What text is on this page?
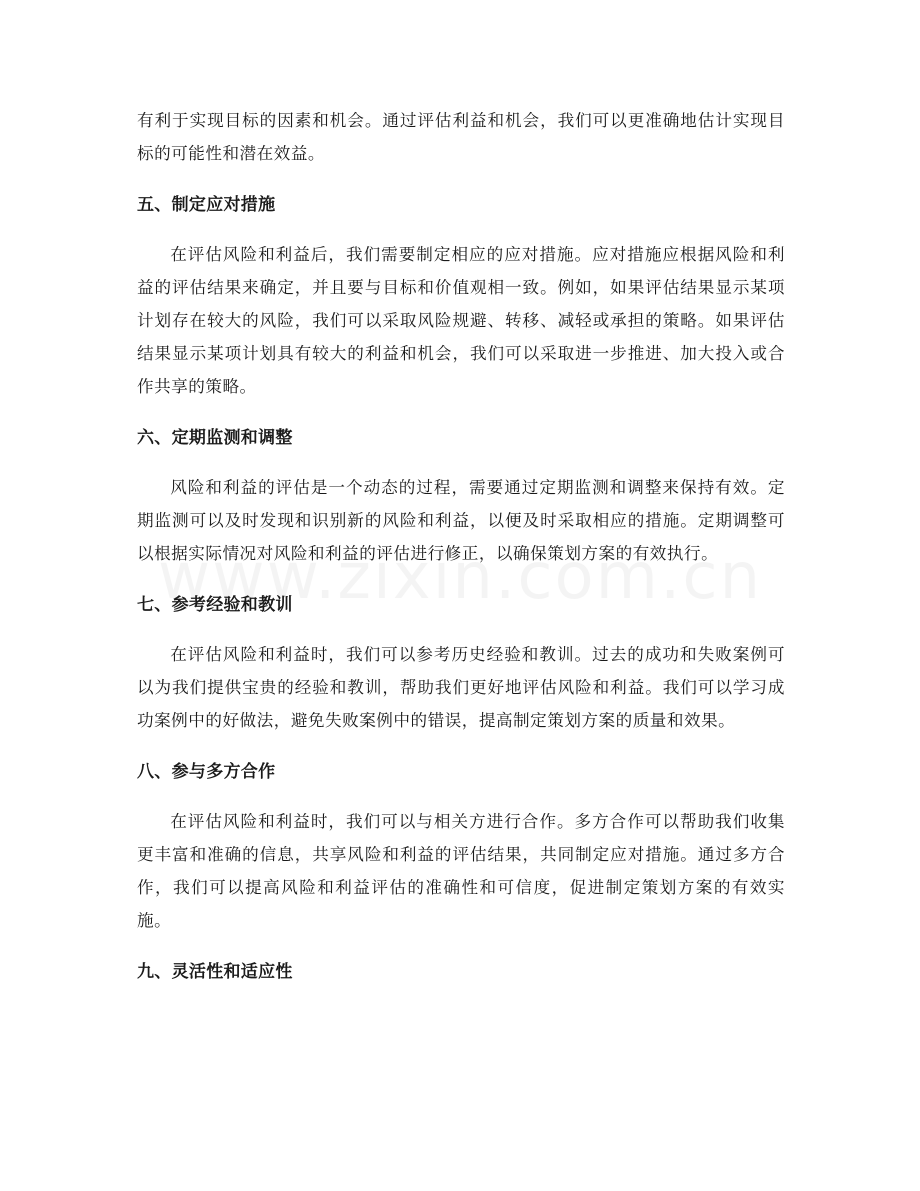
有利于实现目标的因素和机会。通过评估利益和机会，我们可以更准确地估计实现目标的可能性和潜在效益。

五、制定应对措施

在评估风险和利益后，我们需要制定相应的应对措施。应对措施应根据风险和利益的评估结果来确定，并且要与目标和价值观相一致。例如，如果评估结果显示某项计划存在较大的风险，我们可以采取风险规避、转移、减轻或承担的策略。如果评估结果显示某项计划具有较大的利益和机会，我们可以采取进一步推进、加大投入或合作共享的策略。

六、定期监测和调整

风险和利益的评估是一个动态的过程，需要通过定期监测和调整来保持有效。定期监测可以及时发现和识别新的风险和利益，以便及时采取相应的措施。定期调整可以根据实际情况对风险和利益的评估进行修正，以确保策划方案的有效执行。

七、参考经验和教训

在评估风险和利益时，我们可以参考历史经验和教训。过去的成功和失败案例可以为我们提供宝贵的经验和教训，帮助我们更好地评估风险和利益。我们可以学习成功案例中的好做法，避免失败案例中的错误，提高制定策划方案的质量和效果。

八、参与多方合作

在评估风险和利益时，我们可以与相关方进行合作。多方合作可以帮助我们收集更丰富和准确的信息，共享风险和利益的评估结果，共同制定应对措施。通过多方合作，我们可以提高风险和利益评估的准确性和可信度，促进制定策划方案的有效实施。

九、灵活性和适应性
